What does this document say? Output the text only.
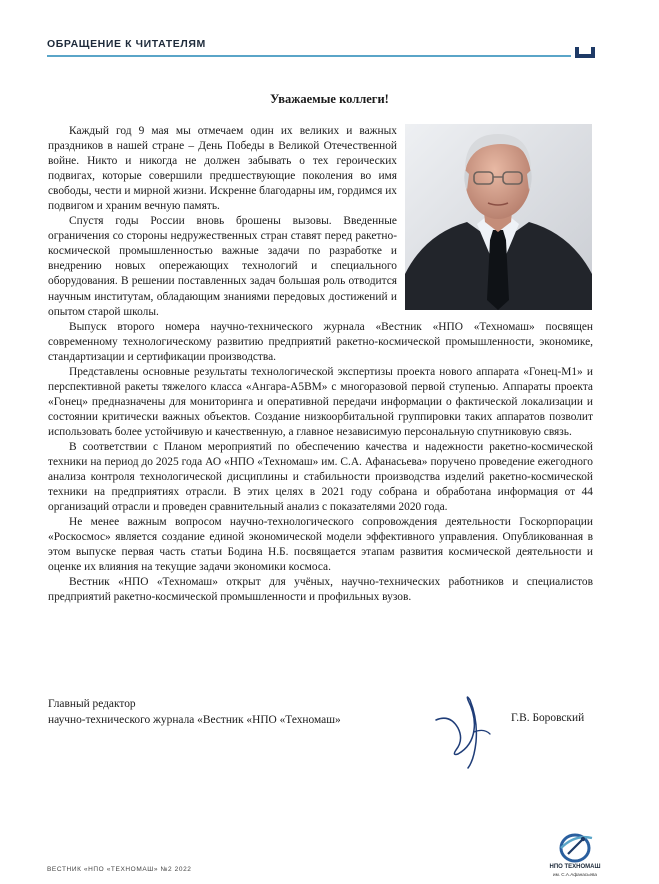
ОБРАЩЕНИЕ К ЧИТАТЕЛЯМ
Уважаемые коллеги!

Каждый год 9 мая мы отмечаем один их великих и важных праздников в нашей стране – День Победы в Великой Отечественной войне. Никто и никогда не должен забывать о тех героических подвигах, которые совершили предшествующие поколения во имя свободы, чести и мирной жизни. Искренне благодарны им, гордимся их подвигом и храним вечную память.

Спустя годы России вновь брошены вызовы. Введенные ограничения со стороны недружественных стран ставят перед ракетно-космической промышленностью важные задачи по разработке и внедрению новых опережающих технологий и специального оборудования. В решении поставленных задач большая роль отводится научным институтам, обладающим знаниями передовых достижений и опытом старой школы.

Выпуск второго номера научно-технического журнала «Вестник «НПО «Техномаш» посвящен современному технологическому развитию предприятий ракетно-космической промышленности, экономике, стандартизации и сертификации производства.

Представлены основные результаты технологической экспертизы проекта нового аппарата «Гонец-М1» и перспективной ракеты тяжелого класса «Ангара-А5ВМ» с многоразовой первой ступенью. Аппараты проекта «Гонец» предназначены для мониторинга и оперативной передачи информации о фактической локализации и состоянии критически важных объектов. Создание низкоорбитальной группировки таких аппаратов позволит использовать более устойчивую и качественную, а главное независимую персональную спутниковую связь.

В соответствии с Планом мероприятий по обеспечению качества и надежности ракетно-космической техники на период до 2025 года АО «НПО «Техномаш» им. С.А. Афанасьева» поручено проведение ежегодного анализа контроля технологической дисциплины и стабильности производства изделий ракетно-космической техники на предприятиях отрасли. В этих целях в 2021 году собрана и обработана информация от 44 организаций отрасли и проведен сравнительный анализ с показателями 2020 года.

Не менее важным вопросом научно-технологического сопровождения деятельности Госкорпорации «Роскосмос» является создание единой экономической модели эффективного управления. Опубликованная в этом выпуске первая часть статьи Бодина Н.Б. посвящается этапам развития космической деятельности и оценке их влияния на текущие задачи экономики космоса.

Вестник «НПО «Техномаш» открыт для учёных, научно-технических работников и специалистов предприятий ракетно-космической промышленности и профильных вузов.

Главный редактор
научно-технического журнала «Вестник «НПО «Техномаш»	Г.В. Боровский
ВЕСТНИК «НПО «ТЕХНОМАШ» №2 2022	НПО ТЕХНОМАШ
им. С.А.Афанасьева
